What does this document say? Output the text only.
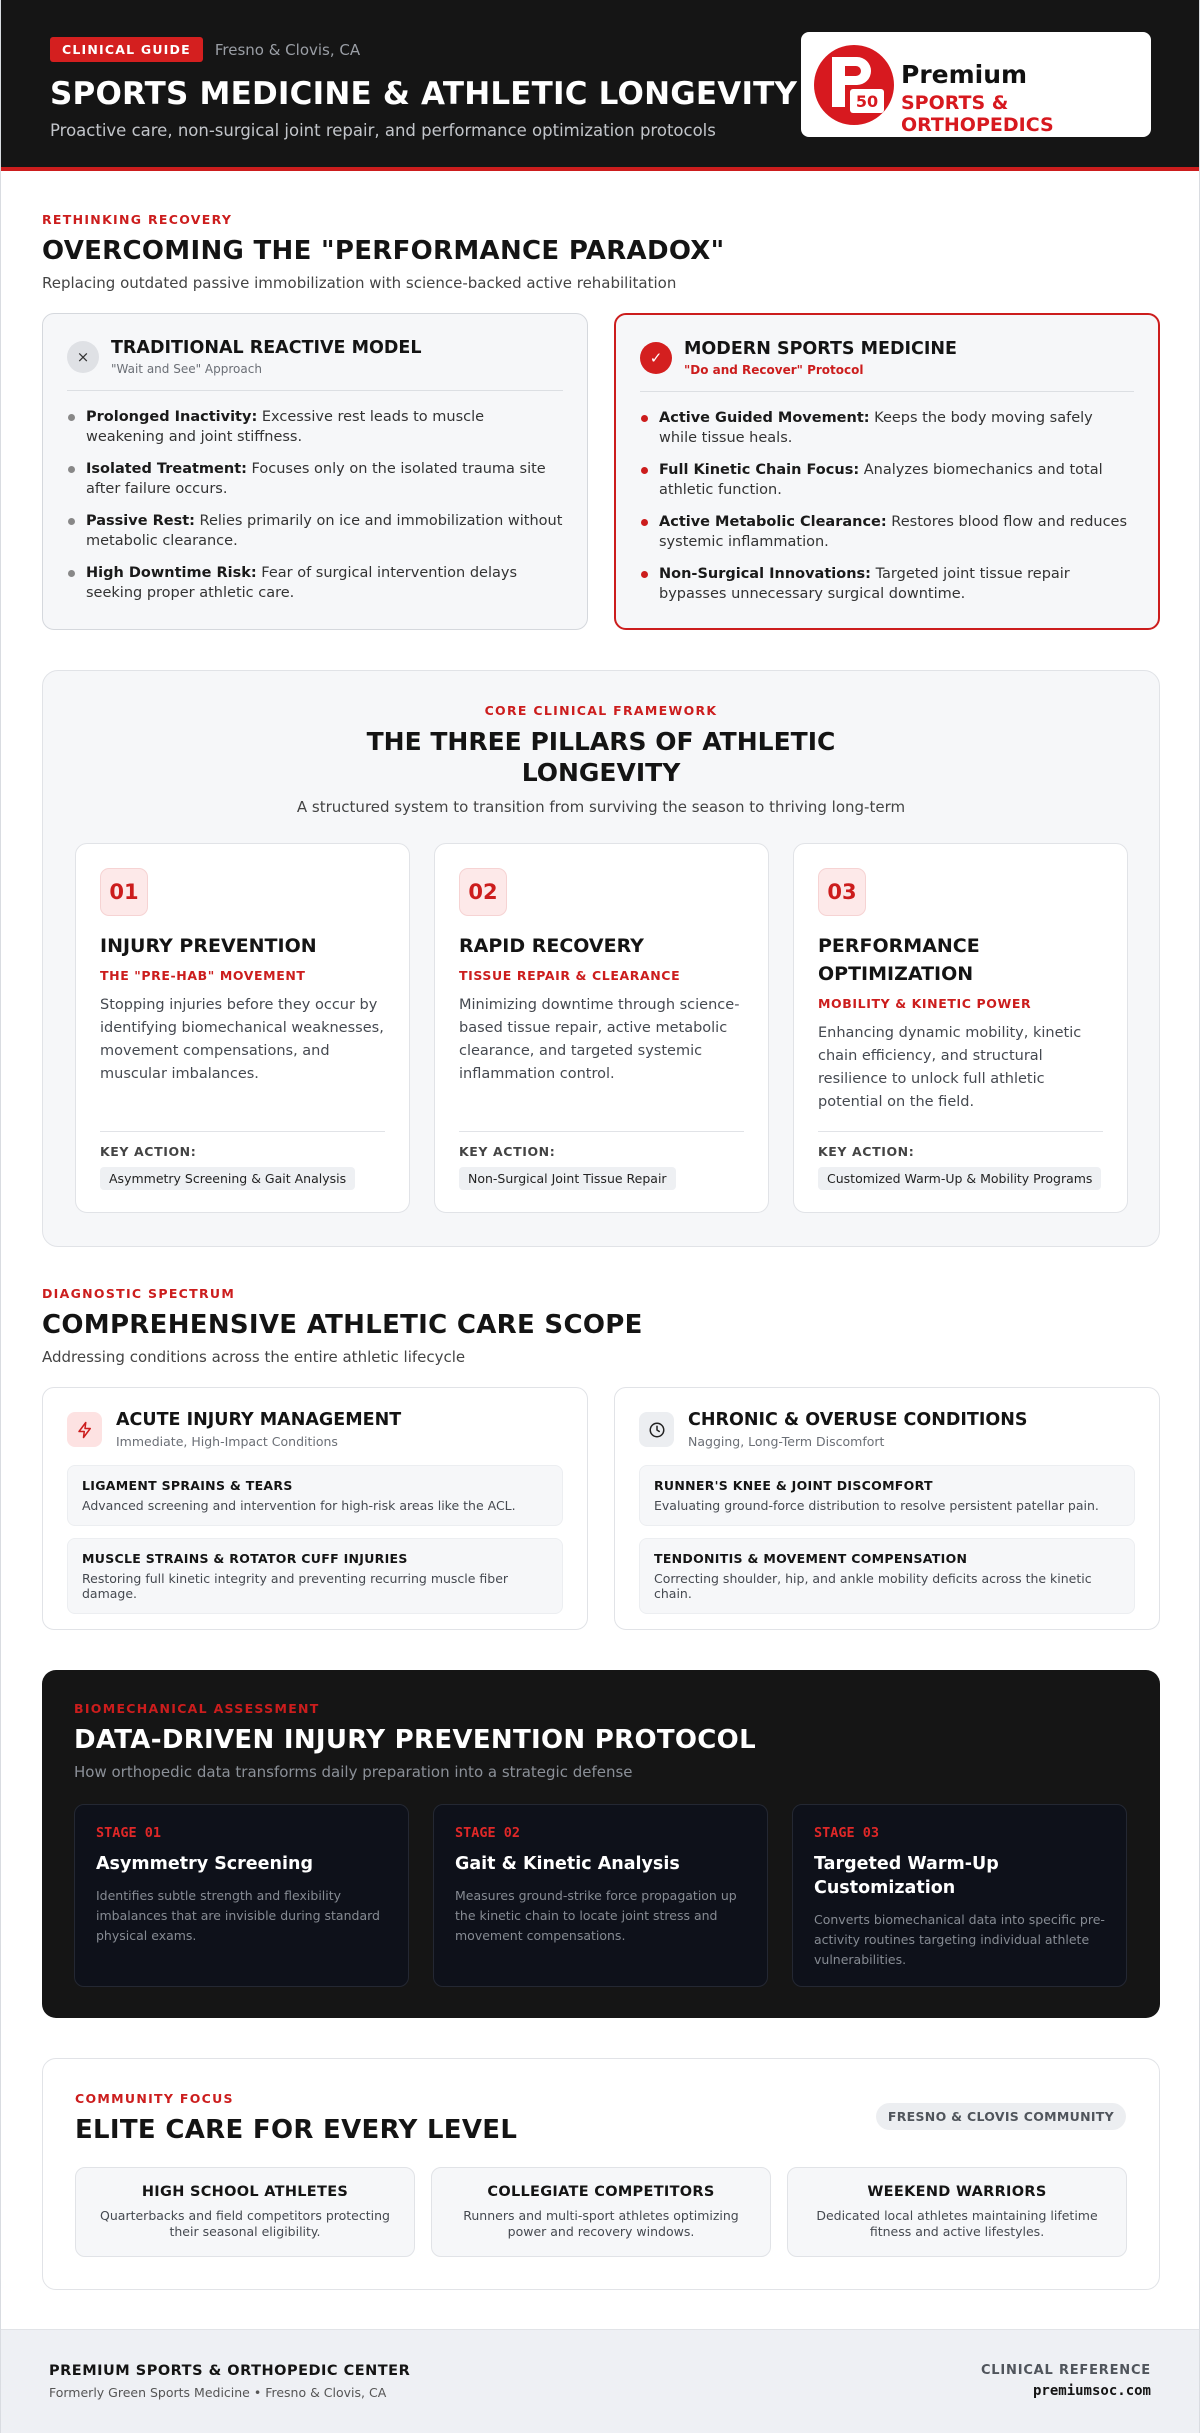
CLINICAL GUIDE Fresno & Clovis, CA
SPORTS MEDICINE & ATHLETIC LONGEVITY
Proactive care, non-surgical joint repair, and performance optimization protocols
50
Premium
SPORTS & ORTHOPEDICS
RETHINKING RECOVERY
OVERCOMING THE "PERFORMANCE PARADOX"
Replacing outdated passive immobilization with science-backed active rehabilitation
×	TRADITIONAL REACTIVE MODEL
"Wait and See" Approach
Prolonged Inactivity: Excessive rest leads to muscle weakening and joint stiffness.
Isolated Treatment: Focuses only on the isolated trauma site after failure occurs.
Passive Rest: Relies primarily on ice and immobilization without metabolic clearance.
High Downtime Risk: Fear of surgical intervention delays seeking proper athletic care.
✓	MODERN SPORTS MEDICINE
"Do and Recover" Protocol
Active Guided Movement: Keeps the body moving safely while tissue heals.
Full Kinetic Chain Focus: Analyzes biomechanics and total athletic function.
Active Metabolic Clearance: Restores blood flow and reduces systemic inflammation.
Non-Surgical Innovations: Targeted joint tissue repair bypasses unnecessary surgical downtime.
CORE CLINICAL FRAMEWORK
THE THREE PILLARS OF ATHLETIC
LONGEVITY
A structured system to transition from surviving the season to thriving long-term
01
INJURY PREVENTION
THE "PRE-HAB" MOVEMENT
Stopping injuries before they occur by identifying biomechanical weaknesses, movement compensations, and muscular imbalances.
KEY ACTION:
Asymmetry Screening & Gait Analysis
02
RAPID RECOVERY
TISSUE REPAIR & CLEARANCE
Minimizing downtime through science-based tissue repair, active metabolic clearance, and targeted systemic inflammation control.
KEY ACTION:
Non-Surgical Joint Tissue Repair
03
PERFORMANCE OPTIMIZATION
MOBILITY & KINETIC POWER
Enhancing dynamic mobility, kinetic chain efficiency, and structural resilience to unlock full athletic potential on the field.
KEY ACTION:
Customized Warm-Up & Mobility Programs
DIAGNOSTIC SPECTRUM
COMPREHENSIVE ATHLETIC CARE SCOPE
Addressing conditions across the entire athletic lifecycle
ACUTE INJURY MANAGEMENT
Immediate, High-Impact Conditions
LIGAMENT SPRAINS & TEARS
Advanced screening and intervention for high-risk areas like the ACL.
MUSCLE STRAINS & ROTATOR CUFF INJURIES
Restoring full kinetic integrity and preventing recurring muscle fiber damage.
CHRONIC & OVERUSE CONDITIONS
Nagging, Long-Term Discomfort
RUNNER'S KNEE & JOINT DISCOMFORT
Evaluating ground-force distribution to resolve persistent patellar pain.
TENDONITIS & MOVEMENT COMPENSATION
Correcting shoulder, hip, and ankle mobility deficits across the kinetic chain.
BIOMECHANICAL ASSESSMENT
DATA-DRIVEN INJURY PREVENTION PROTOCOL
How orthopedic data transforms daily preparation into a strategic defense
STAGE 01
Asymmetry Screening
Identifies subtle strength and flexibility imbalances that are invisible during standard physical exams.
STAGE 02
Gait & Kinetic Analysis
Measures ground-strike force propagation up the kinetic chain to locate joint stress and movement compensations.
STAGE 03
Targeted Warm-Up Customization
Converts biomechanical data into specific pre-activity routines targeting individual athlete vulnerabilities.
COMMUNITY FOCUS
ELITE CARE FOR EVERY LEVEL	FRESNO & CLOVIS COMMUNITY
HIGH SCHOOL ATHLETES
Quarterbacks and field competitors protecting their seasonal eligibility.
COLLEGIATE COMPETITORS
Runners and multi-sport athletes optimizing power and recovery windows.
WEEKEND WARRIORS
Dedicated local athletes maintaining lifetime fitness and active lifestyles.
PREMIUM SPORTS & ORTHOPEDIC CENTER
Formerly Green Sports Medicine • Fresno & Clovis, CA
CLINICAL REFERENCE
premiumsoc.com
